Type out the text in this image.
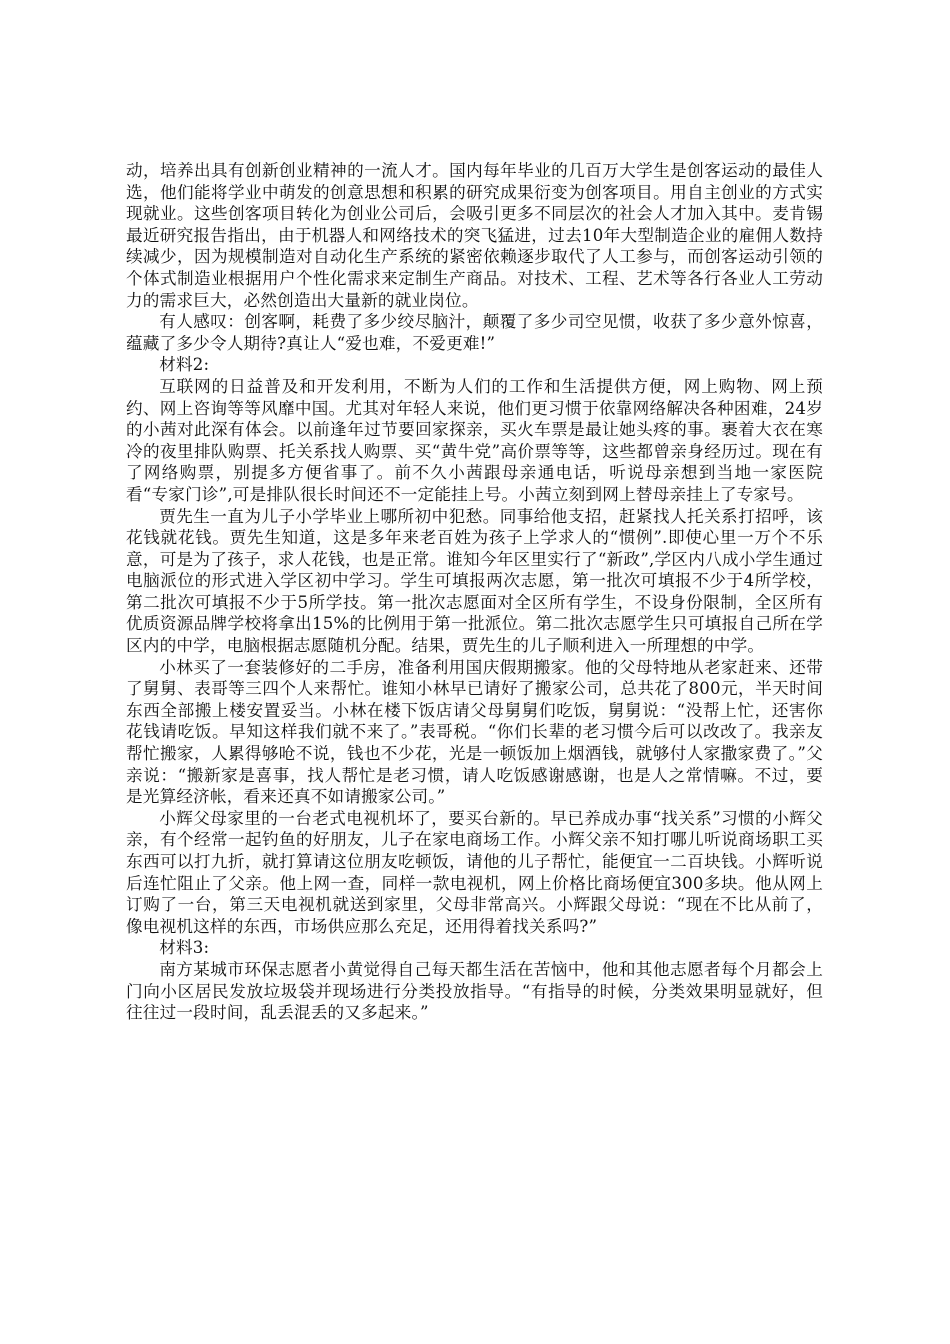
动，培养出具有创新创业精神的一流人才。国内每年毕业的几百万大学生是创客运动的最佳人选，他们能将学业中萌发的创意思想和积累的研究成果衍变为创客项目。用自主创业的方式实现就业。这些创客项目转化为创业公司后，会吸引更多不同层次的社会人才加入其中。麦肯锡最近研究报告指出，由于机器人和网络技术的突飞猛进，过去10年大型制造企业的雇佣人数持续减少，因为规模制造对自动化生产系统的紧密依赖逐步取代了人工参与，而创客运动引领的个体式制造业根据用户个性化需求来定制生产商品。对技术、工程、艺术等各行各业人工劳动力的需求巨大，必然创造出大量新的就业岗位。

有人感叹：创客啊，耗费了多少绞尽脑汁，颠覆了多少司空见惯，收获了多少意外惊喜，蕴藏了多少令人期待?真让人“爱也难，不爱更难!”

材料2:

互联网的日益普及和开发利用，不断为人们的工作和生活提供方便，网上购物、网上预约、网上咨询等等风靡中国。尤其对年轻人来说，他们更习惯于依靠网络解决各种困难，24岁的小茜对此深有体会。以前逢年过节要回家探亲，买火车票是最让她头疼的事。裹着大衣在寒冷的夜里排队购票、托关系找人购票、买“黄牛党”高价票等等，这些都曾亲身经历过。现在有了网络购票，别提多方便省事了。前不久小茜跟母亲通电话，听说母亲想到当地一家医院看“专家门诊”,可是排队很长时间还不一定能挂上号。小茜立刻到网上替母亲挂上了专家号。

贾先生一直为儿子小学毕业上哪所初中犯愁。同事给他支招，赶紧找人托关系打招呼，该花钱就花钱。贾先生知道，这是多年来老百姓为孩子上学求人的“惯例”.即使心里一万个不乐意，可是为了孩子，求人花钱，也是正常。谁知今年区里实行了“新政”,学区内八成小学生通过电脑派位的形式进入学区初中学习。学生可填报两次志愿，第一批次可填报不少于4所学校，第二批次可填报不少于5所学技。第一批次志愿面对全区所有学生，不设身份限制，全区所有优质资源品牌学校将拿出15%的比例用于第一批派位。第二批次志愿学生只可填报自己所在学区内的中学，电脑根据志愿随机分配。结果，贾先生的儿子顺利进入一所理想的中学。

小林买了一套装修好的二手房，准备利用国庆假期搬家。他的父母特地从老家赶来、还带了舅舅、表哥等三四个人来帮忙。谁知小林早已请好了搬家公司，总共花了800元，半天时间东西全部搬上楼安置妥当。小林在楼下饭店请父母舅舅们吃饭，舅舅说：“没帮上忙，还害你花钱请吃饭。早知这样我们就不来了。”表哥税。“你们长辈的老习惯今后可以改改了。我亲友帮忙搬家，人累得够呛不说，钱也不少花，光是一顿饭加上烟酒钱，就够付人家撒家费了。”父亲说：“搬新家是喜事，找人帮忙是老习惯，请人吃饭感谢感谢，也是人之常情嘛。不过，要是光算经济帐，看来还真不如请搬家公司。”

小辉父母家里的一台老式电视机坏了，要买台新的。早已养成办事“找关系”习惯的小辉父亲，有个经常一起钓鱼的好朋友，儿子在家电商场工作。小辉父亲不知打哪儿听说商场职工买东西可以打九折，就打算请这位朋友吃顿饭，请他的儿子帮忙，能便宜一二百块钱。小辉听说后连忙阻止了父亲。他上网一查，同样一款电视机，网上价格比商场便宜300多块。他从网上订购了一台，第三天电视机就送到家里，父母非常高兴。小辉跟父母说：“现在不比从前了，像电视机这样的东西，市场供应那么充足，还用得着找关系吗?”

材料3:

南方某城市环保志愿者小黄觉得自己每天都生活在苦恼中，他和其他志愿者每个月都会上门向小区居民发放垃圾袋并现场进行分类投放指导。“有指导的时候，分类效果明显就好，但往往过一段时间，乱丢混丢的又多起来。”
